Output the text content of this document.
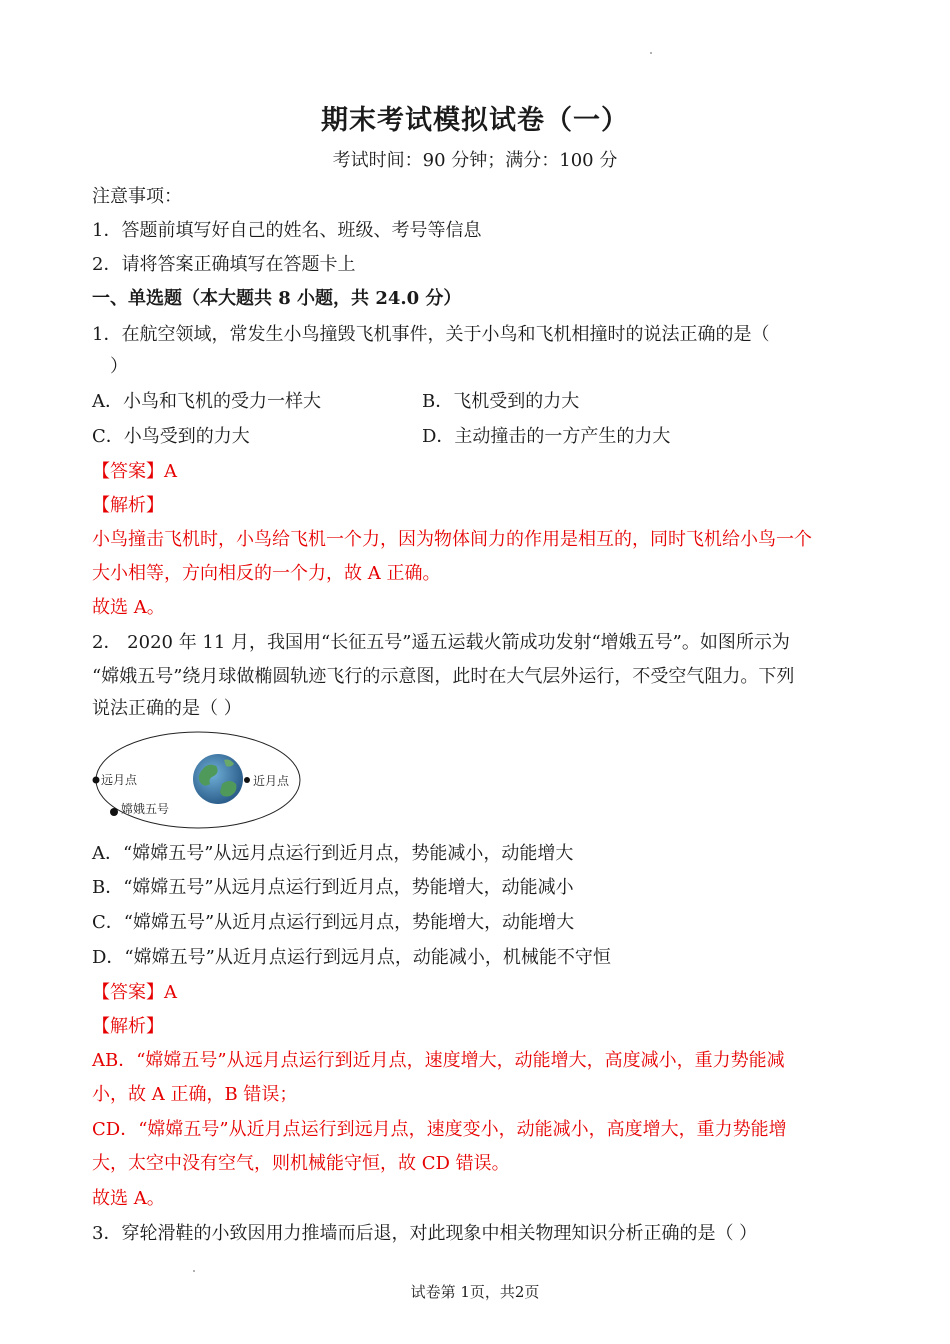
期末考试模拟试卷（一）
考试时间：90 分钟；满分：100 分
注意事项：
1．答题前填写好自己的姓名、班级、考号等信息
2．请将答案正确填写在答题卡上
一、单选题（本大题共 8 小题，共 24.0 分）
1．在航空领域，常发生小鸟撞毁飞机事件，关于小鸟和飞机相撞时的说法正确的是（
）
A．小鸟和飞机的受力一样大	B．飞机受到的力大
C．小鸟受到的力大	D．主动撞击的一方产生的力大
【答案】A
【解析】
小鸟撞击飞机时，小鸟给飞机一个力，因为物体间力的作用是相互的，同时飞机给小鸟一个
大小相等，方向相反的一个力，故 A 正确。
故选 A。
2． 2020 年 11 月，我国用“长征五号”遥五运载火箭成功发射“增娥五号”。如图所示为
“嫦娥五号”绕月球做椭圆轨迹飞行的示意图，此时在大气层外运行，不受空气阻力。下列
说法正确的是（ ）
远月点	近月点
嫦娥五号
A．“嫦嫦五号”从远月点运行到近月点，势能减小，动能增大
B．“嫦嫦五号”从远月点运行到近月点，势能增大，动能减小
C．“嫦嫦五号”从近月点运行到远月点，势能增大，动能增大
D．“嫦嫦五号”从近月点运行到远月点，动能减小，机械能不守恒
【答案】A
【解析】
AB．“嫦嫦五号”从远月点运行到近月点，速度增大，动能增大，高度减小，重力势能减
小，故 A 正确，B 错误；
CD．“嫦嫦五号”从近月点运行到远月点，速度变小，动能减小，高度增大，重力势能增
大，太空中没有空气，则机械能守恒，故 CD 错误。
故选 A。
3．穿轮滑鞋的小致因用力推墙而后退，对此现象中相关物理知识分析正确的是（ ）
试卷第 1页，共2页
